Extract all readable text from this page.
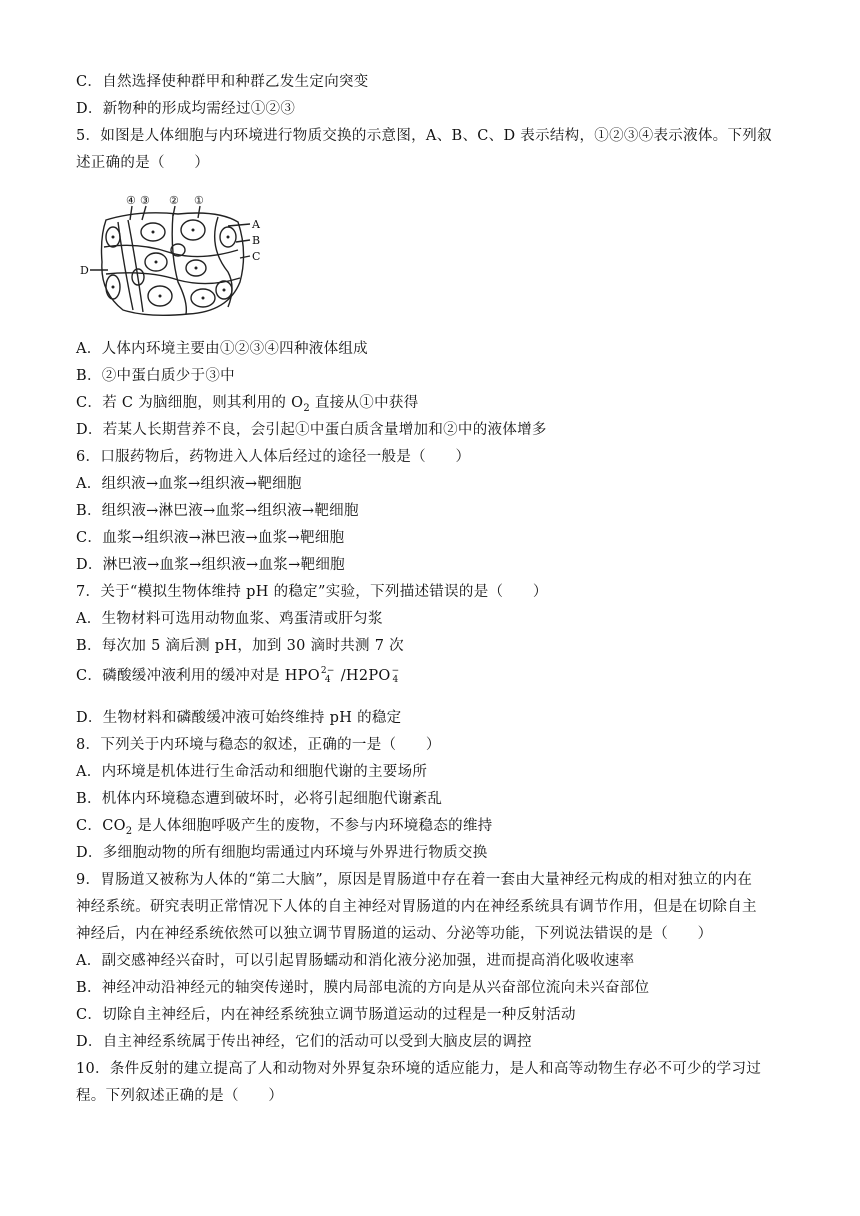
C．自然选择使种群甲和种群乙发生定向突变
D．新物种的形成均需经过①②③
5．如图是人体细胞与内环境进行物质交换的示意图，A、B、C、D 表示结构，①②③④表示液体。下列叙
述正确的是（　　）
④ ③ ② ①
A
B
C
D
A．人体内环境主要由①②③④四种液体组成
B．②中蛋白质少于③中
C．若 C 为脑细胞，则其利用的 $O_2$ 直接从①中获得
D．若某人长期营养不良，会引起①中蛋白质含量增加和②中的液体增多
6．口服药物后，药物进入人体后经过的途径一般是（　　）
A．组织液→血浆→组织液→靶细胞
B．组织液→淋巴液→血浆→组织液→靶细胞
C．血浆→组织液→淋巴液→血浆→靶细胞
D．淋巴液→血浆→组织液→血浆→靶细胞
7．关于“模拟生物体维持 pH 的稳定”实验，下列描述错误的是（　　）
A．生物材料可选用动物血浆、鸡蛋清或肝匀浆
B．每次加 5 滴后测 pH，加到 30 滴时共测 7 次
C．磷酸缓冲液利用的缓冲对是 HPO 2−
4 /H2PO −
4
D．生物材料和磷酸缓冲液可始终维持 pH 的稳定
8．下列关于内环境与稳态的叙述，正确的一是（　　）
A．内环境是机体进行生命活动和细胞代谢的主要场所
B．机体内环境稳态遭到破坏时，必将引起细胞代谢紊乱
C．$CO_2$ 是人体细胞呼吸产生的废物，不参与内环境稳态的维持
D．多细胞动物的所有细胞均需通过内环境与外界进行物质交换
9．胃肠道又被称为人体的“第二大脑”，原因是胃肠道中存在着一套由大量神经元构成的相对独立的内在
神经系统。研究表明正常情况下人体的自主神经对胃肠道的内在神经系统具有调节作用，但是在切除自主
神经后，内在神经系统依然可以独立调节胃肠道的运动、分泌等功能，下列说法错误的是（　　）
A．副交感神经兴奋时，可以引起胃肠蠕动和消化液分泌加强，进而提高消化吸收速率
B．神经冲动沿神经元的轴突传递时，膜内局部电流的方向是从兴奋部位流向未兴奋部位
C．切除自主神经后，内在神经系统独立调节肠道运动的过程是一种反射活动
D．自主神经系统属于传出神经，它们的活动可以受到大脑皮层的调控
10．条件反射的建立提高了人和动物对外界复杂环境的适应能力，是人和高等动物生存必不可少的学习过
程。下列叙述正确的是（　　）
